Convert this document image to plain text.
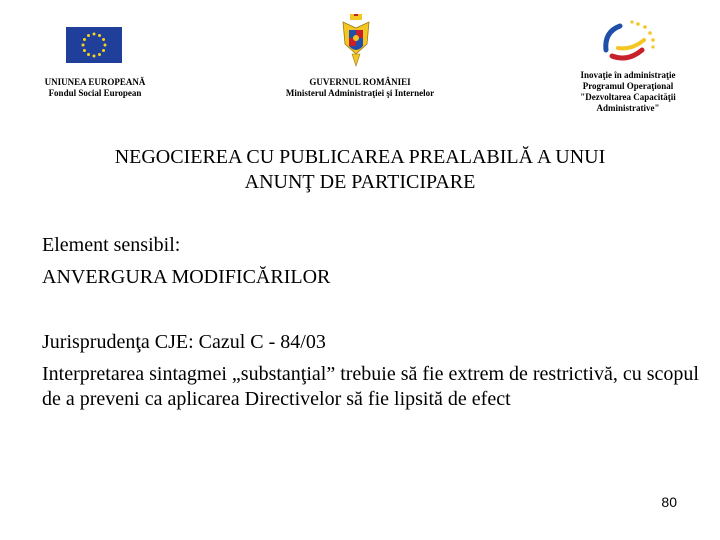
UNIUNEA EUROPEANĂ
Fondul Social European
GUVERNUL ROMÂNIEI
Ministerul Administraţiei şi Internelor
Inovaţie în administraţie
Programul Operaţional
"Dezvoltarea Capacităţii
Administrative"
NEGOCIEREA CU PUBLICAREA PREALABILĂ A UNUI
ANUNŢ DE PARTICIPARE
Element sensibil:
ANVERGURA MODIFICĂRILOR
Jurisprudenţa CJE: Cazul C - 84/03
Interpretarea sintagmei „substanţial” trebuie să fie extrem de restrictivă, cu scopul de a preveni ca aplicarea Directivelor să fie lipsită de efect
80
